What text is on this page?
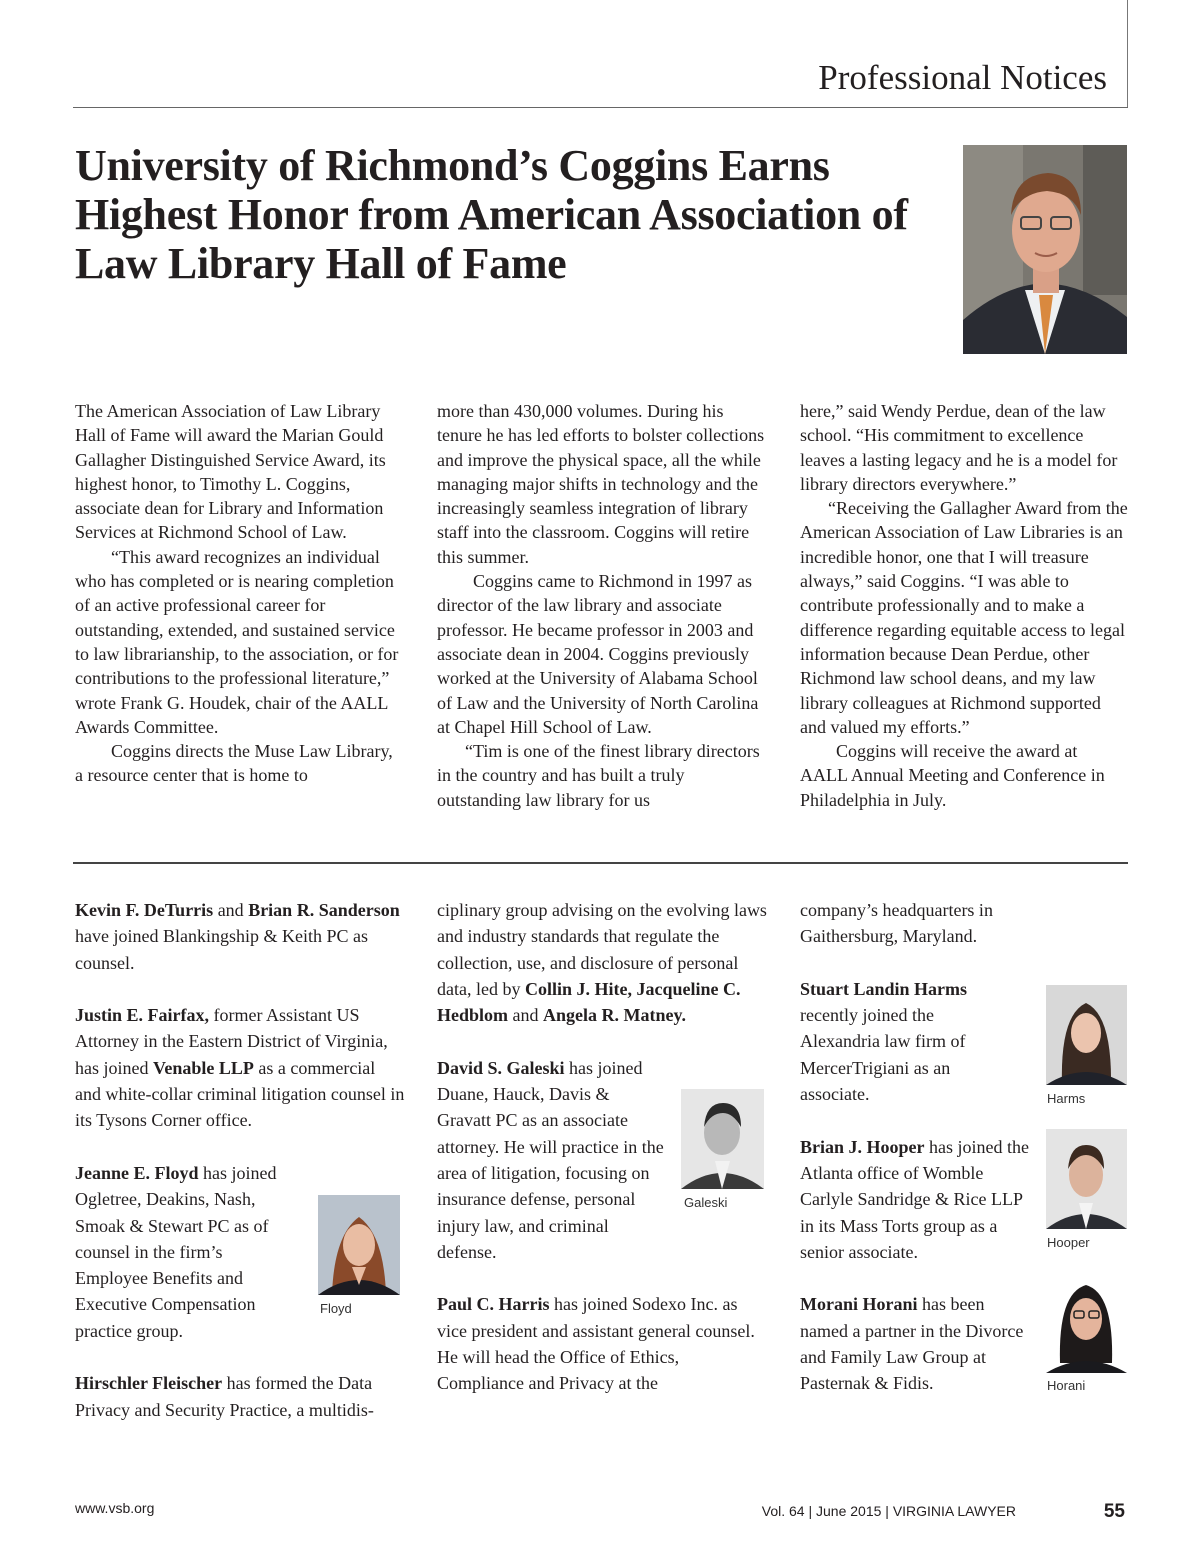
Professional Notices
University of Richmond’s Coggins Earns Highest Honor from American Association of Law Library Hall of Fame

The American Association of Law Library Hall of Fame will award the Marian Gould Gallagher Distinguished Service Award, its highest honor, to Timothy L. Coggins, associate dean for Library and Information Services at Richmond School of Law.

“This award recognizes an individual who has completed or is nearing completion of an active professional career for outstanding, extended, and sustained service to law librarianship, to the association, or for contributions to the professional literature,” wrote Frank G. Houdek, chair of the AALL Awards Committee.

Coggins directs the Muse Law Library, a resource center that is home to

more than 430,000 volumes. During his tenure he has led efforts to bolster collections and improve the physical space, all the while managing major shifts in technology and the increasingly seamless integration of library staff into the classroom. Coggins will retire this summer.

Coggins came to Richmond in 1997 as director of the law library and associate professor. He became professor in 2003 and associate dean in 2004. Coggins previously worked at the University of Alabama School of Law and the University of North Carolina at Chapel Hill School of Law.

“Tim is one of the finest library directors in the country and has built a truly outstanding law library for us

here,” said Wendy Perdue, dean of the law school. “His commitment to excellence leaves a lasting legacy and he is a model for library directors everywhere.”

“Receiving the Gallagher Award from the American Association of Law Libraries is an incredible honor, one that I will treasure always,” said Coggins. “I was able to contribute professionally and to make a difference regarding equitable access to legal information because Dean Perdue, other Richmond law school deans, and my law library colleagues at Richmond supported and valued my efforts.”

Coggins will receive the award at AALL Annual Meeting and Conference in Philadelphia in July.

Kevin F. DeTurris and Brian R. Sanderson have joined Blankingship & Keith PC as counsel.

Justin E. Fairfax, former Assistant US Attorney in the Eastern District of Virginia, has joined Venable LLP as a commercial and white-collar criminal litigation counsel in its Tysons Corner office.

Jeanne E. Floyd has joined Ogletree, Deakins, Nash, Smoak & Stewart PC as of counsel in the firm’s Employee Benefits and Executive Compensation practice group.

Hirschler Fleischer has formed the Data Privacy and Security Practice, a multidis-

ciplinary group advising on the evolving laws and industry standards that regulate the collection, use, and disclosure of personal data, led by Collin J. Hite, Jacqueline C. Hedblom and Angela R. Matney.

David S. Galeski has joined Duane, Hauck, Davis & Gravatt PC as an associate attorney. He will practice in the area of litigation, focusing on insurance defense, personal injury law, and criminal defense.

Paul C. Harris has joined Sodexo Inc. as vice president and assistant general counsel. He will head the Office of Ethics, Compliance and Privacy at the

company’s headquarters in Gaithersburg, Maryland.

Stuart Landin Harms recently joined the Alexandria law firm of MercerTrigiani as an associate.

Brian J. Hooper has joined the Atlanta office of Womble Carlyle Sandridge & Rice LLP in its Mass Torts group as a senior associate.

Morani Horani has been named a partner in the Divorce and Family Law Group at Pasternak & Fidis.

Floyd
Galeski
Harms
Hooper
Horani
www.vsb.org	Vol. 64 | June 2015 | VIRGINIA LAWYER	55
